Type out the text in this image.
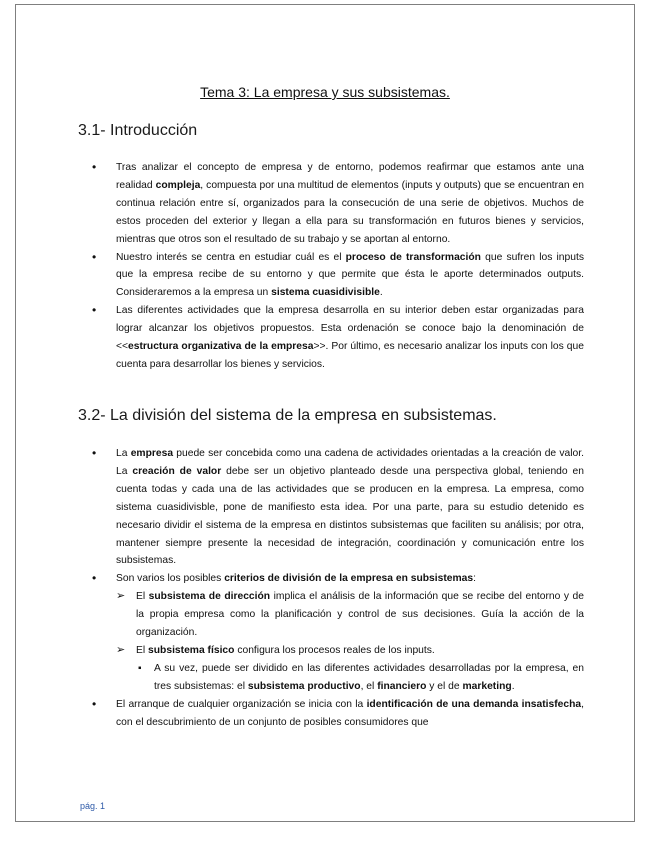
Tema 3: La empresa y sus subsistemas.
3.1- Introducción
• Tras analizar el concepto de empresa y de entorno, podemos reafirmar que estamos ante una realidad compleja, compuesta por una multitud de elementos (inputs y outputs) que se encuentran en continua relación entre sí, organizados para la consecución de una serie de objetivos. Muchos de estos proceden del exterior y llegan a ella para su transformación en futuros bienes y servicios, mientras que otros son el resultado de su trabajo y se aportan al entorno.
• Nuestro interés se centra en estudiar cuál es el proceso de transformación que sufren los inputs que la empresa recibe de su entorno y que permite que ésta le aporte determinados outputs. Consideraremos a la empresa un sistema cuasidivisible.
• Las diferentes actividades que la empresa desarrolla en su interior deben estar organizadas para lograr alcanzar los objetivos propuestos. Esta ordenación se conoce bajo la denominación de <<estructura organizativa de la empresa>>. Por último, es necesario analizar los inputs con los que cuenta para desarrollar los bienes y servicios.
3.2- La división del sistema de la empresa en subsistemas.
• La empresa puede ser concebida como una cadena de actividades orientadas a la creación de valor. La creación de valor debe ser un objetivo planteado desde una perspectiva global, teniendo en cuenta todas y cada una de las actividades que se producen en la empresa. La empresa, como sistema cuasidivisble, pone de manifiesto esta idea. Por una parte, para su estudio detenido es necesario dividir el sistema de la empresa en distintos subsistemas que faciliten su análisis; por otra, mantener siempre presente la necesidad de integración, coordinación y comunicación entre los subsistemas.
• Son varios los posibles criterios de división de la empresa en subsistemas:
➢ El subsistema de dirección implica el análisis de la información que se recibe del entorno y de la propia empresa como la planificación y control de sus decisiones. Guía la acción de la organización.
➢ El subsistema físico configura los procesos reales de los inputs.
▪ A su vez, puede ser dividido en las diferentes actividades desarrolladas por la empresa, en tres subsistemas: el subsistema productivo, el financiero y el de marketing.
• El arranque de cualquier organización se inicia con la identificación de una demanda insatisfecha, con el descubrimiento de un conjunto de posibles consumidores que
pág. 1
